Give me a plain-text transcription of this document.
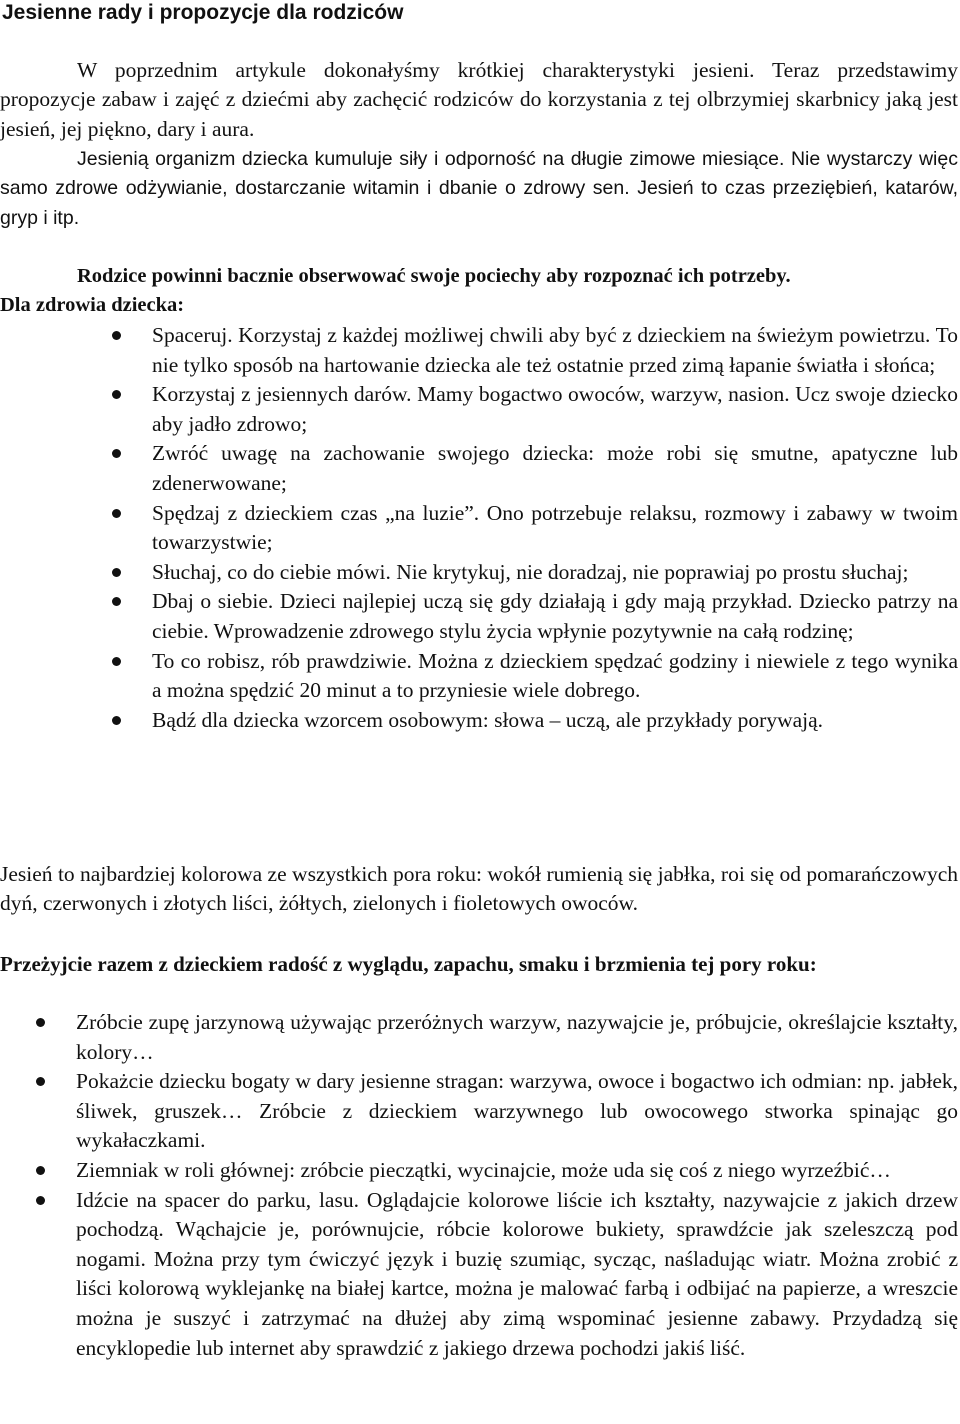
Jesienne rady i propozycje dla rodziców

W poprzednim artykule dokonałyśmy krótkiej charakterystyki jesieni. Teraz przedstawimy propozycje zabaw i zajęć z dziećmi aby zachęcić rodziców do korzystania z tej olbrzymiej skarbnicy jaką jest jesień, jej piękno, dary i aura.

Jesienią organizm dziecka kumuluje siły i odporność na długie zimowe miesiące. Nie wystarczy więc samo zdrowe odżywianie, dostarczanie witamin i dbanie o zdrowy sen. Jesień to czas przeziębień, katarów, gryp i itp.

Rodzice powinni bacznie obserwować swoje pociechy aby rozpoznać ich potrzeby.

Dla zdrowia dziecka:

Spaceruj. Korzystaj z każdej możliwej chwili aby być z dzieckiem na świeżym powietrzu. To nie tylko sposób na hartowanie dziecka ale też ostatnie przed zimą łapanie światła i słońca;
Korzystaj z jesiennych darów. Mamy bogactwo owoców, warzyw, nasion. Ucz swoje dziecko aby jadło zdrowo;
Zwróć uwagę na zachowanie swojego dziecka: może robi się smutne, apatyczne lub zdenerwowane;
Spędzaj z dzieckiem czas „na luzie”. Ono potrzebuje relaksu, rozmowy i zabawy w twoim towarzystwie;
Słuchaj, co do ciebie mówi. Nie krytykuj, nie doradzaj, nie poprawiaj po prostu słuchaj;
Dbaj o siebie. Dzieci najlepiej uczą się gdy działają i gdy mają przykład. Dziecko patrzy na ciebie. Wprowadzenie zdrowego stylu życia wpłynie pozytywnie na całą rodzinę;
To co robisz, rób prawdziwie. Można z dzieckiem spędzać godziny i niewiele z tego wynika a można spędzić 20 minut a to przyniesie wiele dobrego.
Bądź dla dziecka wzorcem osobowym: słowa – uczą, ale przykłady porywają.

Jesień to najbardziej kolorowa ze wszystkich pora roku: wokół rumienią się jabłka, roi się od pomarańczowych dyń, czerwonych i złotych liści, żółtych, zielonych i fioletowych owoców.

Przeżyjcie razem z dzieckiem radość z wyglądu, zapachu, smaku i brzmienia tej pory roku:

Zróbcie zupę jarzynową używając przeróżnych warzyw, nazywajcie je, próbujcie, określajcie kształty, kolory…
Pokażcie dziecku bogaty w dary jesienne stragan: warzywa, owoce i bogactwo ich odmian: np. jabłek, śliwek, gruszek… Zróbcie z dzieckiem warzywnego lub owocowego stworka spinając go wykałaczkami.
Ziemniak w roli głównej: zróbcie pieczątki, wycinajcie, może uda się coś z niego wyrzeźbić…
Idźcie na spacer do parku, lasu. Oglądajcie kolorowe liście ich kształty, nazywajcie z jakich drzew pochodzą. Wąchajcie je, porównujcie, róbcie kolorowe bukiety, sprawdźcie jak szeleszczą pod nogami. Można przy tym ćwiczyć język i buzię szumiąc, sycząc, naśladując wiatr. Można zrobić z liści kolorową wyklejankę na białej kartce, można je malować farbą i odbijać na papierze, a wreszcie można je suszyć i zatrzymać na dłużej aby zimą wspominać jesienne zabawy. Przydadzą się encyklopedie lub internet aby sprawdzić z jakiego drzewa pochodzi jakiś liść.
